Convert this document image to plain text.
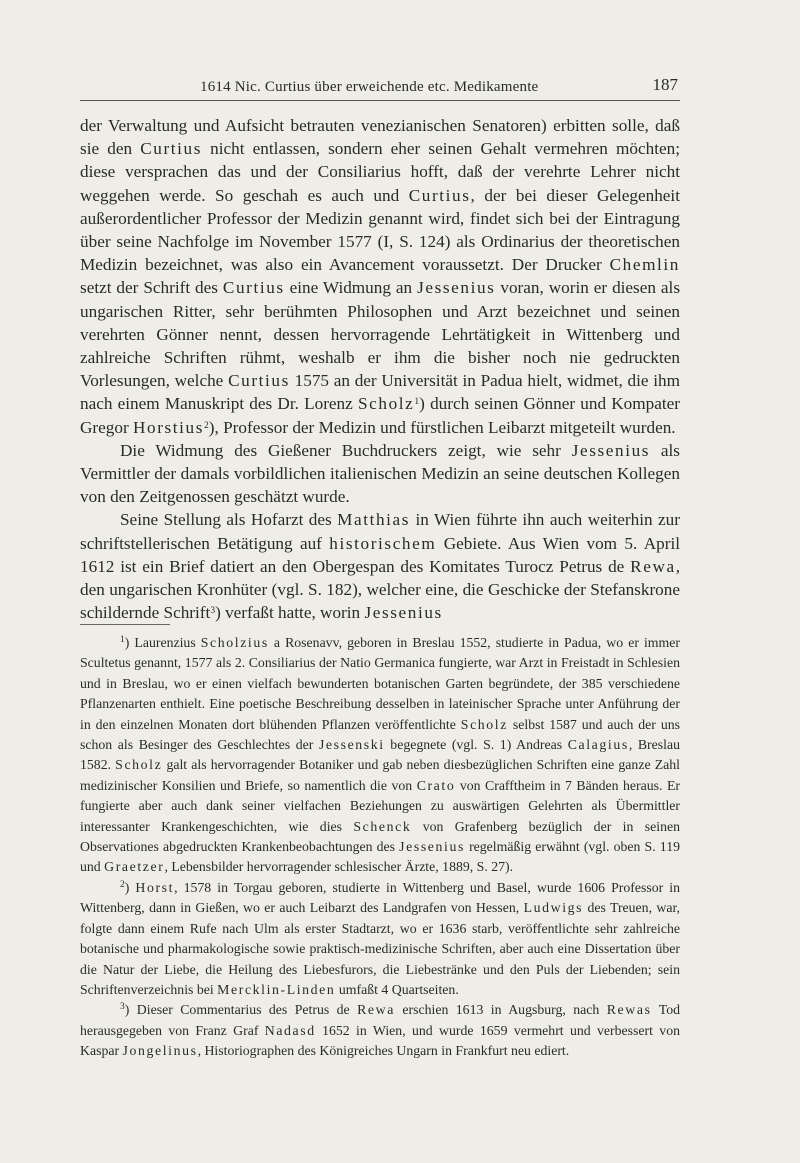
1614 Nic. Curtius über erweichende etc. Medikamente	187

der Verwaltung und Aufsicht betrauten venezianischen Senatoren) erbitten solle, daß sie den Curtius nicht entlassen, sondern eher seinen Gehalt vermehren möchten; diese versprachen das und der Consiliarius hofft, daß der verehrte Lehrer nicht weggehen werde. So geschah es auch und Curtius, der bei dieser Gelegenheit außerordentlicher Professor der Medizin genannt wird, findet sich bei der Eintragung über seine Nachfolge im November 1577 (I, S. 124) als Ordinarius der theoretischen Medizin bezeichnet, was also ein Avancement voraussetzt. Der Drucker Chemlin setzt der Schrift des Curtius eine Widmung an Jessenius voran, worin er diesen als ungarischen Ritter, sehr berühmten Philosophen und Arzt bezeichnet und seinen verehrten Gönner nennt, dessen hervorragende Lehrtätigkeit in Wittenberg und zahlreiche Schriften rühmt, weshalb er ihm die bisher noch nie gedruckten Vorlesungen, welche Curtius 1575 an der Universität in Padua hielt, widmet, die ihm nach einem Manuskript des Dr. Lorenz Scholz$^1$) durch seinen Gönner und Kompater Gregor Horstius$^2$), Professor der Medizin und fürstlichen Leibarzt mitgeteilt wurden.

Die Widmung des Gießener Buchdruckers zeigt, wie sehr Jessenius als Vermittler der damals vorbildlichen italienischen Medizin an seine deutschen Kollegen von den Zeitgenossen geschätzt wurde.

Seine Stellung als Hofarzt des Matthias in Wien führte ihn auch weiterhin zur schriftstellerischen Betätigung auf historischem Gebiete. Aus Wien vom 5. April 1612 ist ein Brief datiert an den Obergespan des Komitates Turocz Petrus de Rewa, den ungarischen Kronhüter (vgl. S. 182), welcher eine, die Geschicke der Stefanskrone schildernde Schrift$^3$) verfaßt hatte, worin Jessenius

$^1$) Laurenzius Scholzius a Rosenavv, geboren in Breslau 1552, studierte in Padua, wo er immer Scultetus genannt, 1577 als 2. Consiliarius der Natio Germanica fungierte, war Arzt in Freistadt in Schlesien und in Breslau, wo er einen vielfach bewunderten botanischen Garten begründete, der 385 verschiedene Pflanzenarten enthielt. Eine poetische Beschreibung desselben in lateinischer Sprache unter Anführung der in den einzelnen Monaten dort blühenden Pflanzen veröffentlichte Scholz selbst 1587 und auch der uns schon als Besinger des Geschlechtes der Jessenski begegnete (vgl. S. 1) Andreas Calagius, Breslau 1582. Scholz galt als hervorragender Botaniker und gab neben diesbezüglichen Schriften eine ganze Zahl medizinischer Konsilien und Briefe, so namentlich die von Crato von Crafftheim in 7 Bänden heraus. Er fungierte aber auch dank seiner vielfachen Beziehungen zu auswärtigen Gelehrten als Übermittler interessanter Krankengeschichten, wie dies Schenck von Grafenberg bezüglich der in seinen Observationes abgedruckten Krankenbeobachtungen des Jessenius regelmäßig erwähnt (vgl. oben S. 119 und Graetzer, Lebensbilder hervorragender schlesischer Ärzte, 1889, S. 27).

$^2$) Horst, 1578 in Torgau geboren, studierte in Wittenberg und Basel, wurde 1606 Professor in Wittenberg, dann in Gießen, wo er auch Leibarzt des Landgrafen von Hessen, Ludwigs des Treuen, war, folgte dann einem Rufe nach Ulm als erster Stadtarzt, wo er 1636 starb, veröffentlichte sehr zahlreiche botanische und pharmakologische sowie praktisch-medizinische Schriften, aber auch eine Dissertation über die Natur der Liebe, die Heilung des Liebesfurors, die Liebestränke und den Puls der Liebenden; sein Schriftenverzeichnis bei Mercklin-Linden umfaßt 4 Quartseiten.

$^3$) Dieser Commentarius des Petrus de Rewa erschien 1613 in Augsburg, nach Rewas Tod herausgegeben von Franz Graf Nadasd 1652 in Wien, und wurde 1659 vermehrt und verbessert von Kaspar Jongelinus, Historiographen des Königreiches Ungarn in Frankfurt neu ediert.
